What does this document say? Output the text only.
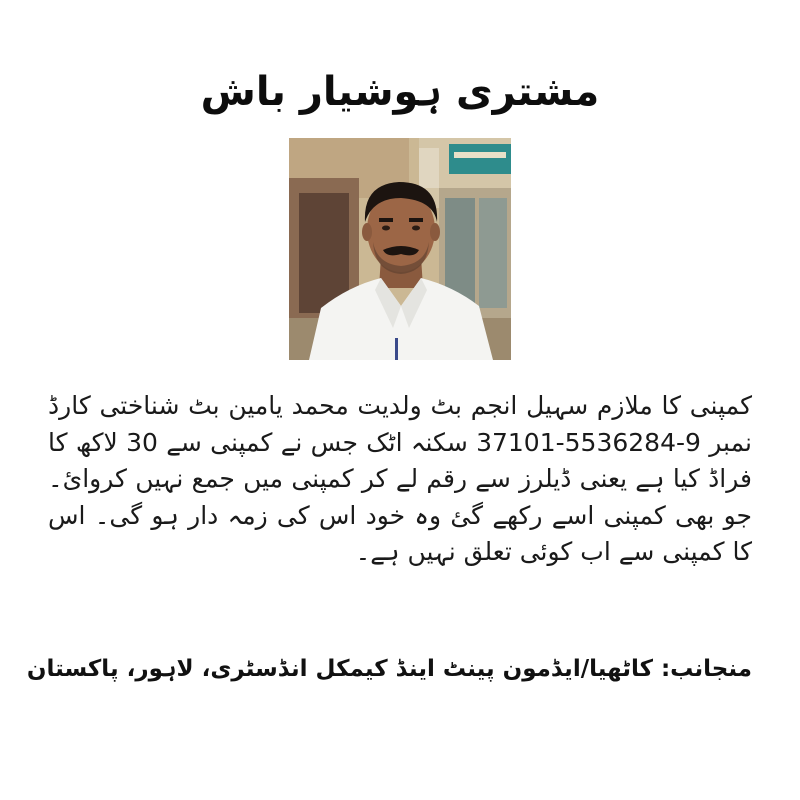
مشتری ہوشیار باش
کمپنی کا ملازم سہیل انجم بٹ ولدیت محمد یامین بٹ شناختی کارڈ نمبر 9-5536284-37101 سکنہ اٹک جس نے کمپنی سے 30 لاکھ کا فراڈ کیا ہے یعنی ڈیلرز سے رقم لے کر کمپنی میں جمع نہیں کروائ۔ جو بھی کمپنی اسے رکھے گئ وہ خود اس کی زمہ دار ہو گی۔ اس کا کمپنی سے اب کوئی تعلق نہیں ہے۔
منجانب: کاٹھیا/ایڈمون پینٹ اینڈ کیمکل انڈسٹری، لاہور، پاکستان
